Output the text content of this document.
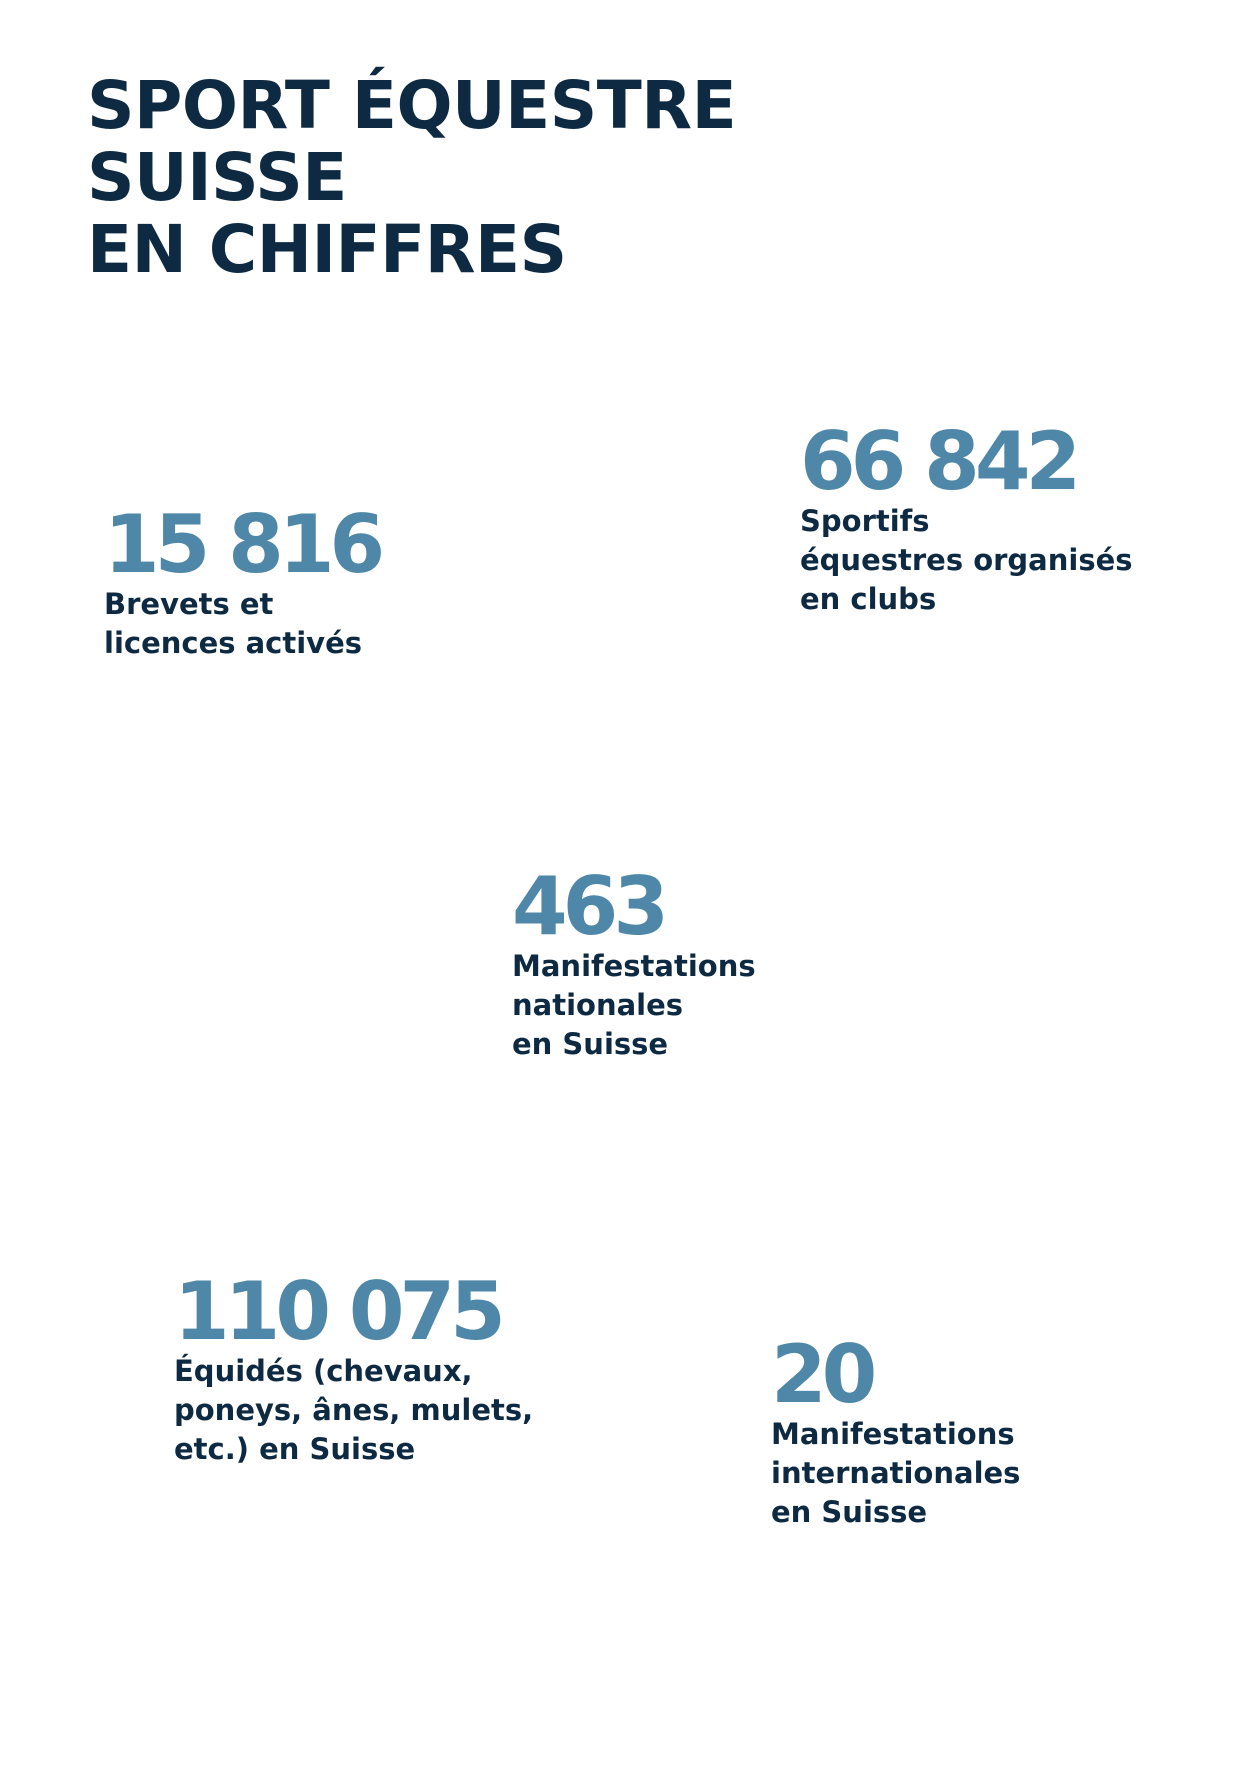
SPORT ÉQUESTRE
SUISSE
EN CHIFFRES
15 816
Brevets et
licences activés
66 842
Sportifs
équestres organisés
en clubs
463
Manifestations
nationales
en Suisse
110 075
Équidés (chevaux,
poneys, ânes, mulets,
etc.) en Suisse
20
Manifestations
internationales
en Suisse
